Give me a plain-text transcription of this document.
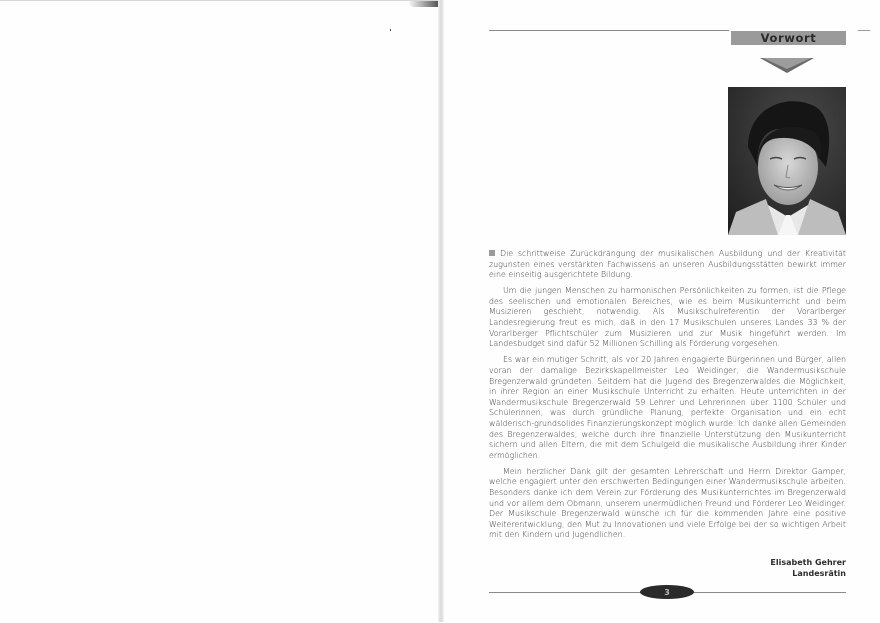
Vorwort

Die schrittweise Zurückdrängung der musikalischen Ausbildung und der Kreativität zugunsten eines verstärkten Fachwissens an unseren Ausbildungsstätten bewirkt immer eine einseitig ausgerichtete Bildung.

Um die jungen Menschen zu harmonischen Persönlichkeiten zu formen, ist die Pflege des seelischen und emotionalen Bereiches, wie es beim Musikunterricht und beim Musizieren geschieht, notwendig. Als Musikschulreferentin der Vorarlberger Landesregierung freut es mich, daß in den 17 Musikschulen unseres Landes 33 % der Vorarlberger Pflichtschüler zum Musizieren und zur Musik hingeführt werden. Im Landesbudget sind dafür 52 Millionen Schilling als Förderung vorgesehen.

Es war ein mutiger Schritt, als vor 20 Jahren engagierte Bürgerinnen und Bürger, allen voran der damalige Bezirkskapellmeister Leo Weidinger, die Wandermusikschule Bregenzerwald gründeten. Seitdem hat die Jugend des Bregenzerwaldes die Möglichkeit, in ihrer Region an einer Musikschule Unterricht zu erhalten. Heute unterrichten in der Wandermusikschule Bregenzerwald 59 Lehrer und Lehrerinnen über 1100 Schüler und Schülerinnen, was durch gründliche Planung, perfekte Organisation und ein echt wälderisch-grundsolides Finanzierungskonzept möglich wurde. Ich danke allen Gemeinden des Bregenzerwaldes, welche durch ihre finanzielle Unterstützung den Musikunterricht sichern und allen Eltern, die mit dem Schulgeld die musikalische Ausbildung ihrer Kinder ermöglichen.

Mein herzlicher Dank gilt der gesamten Lehrerschaft und Herrn Direktor Gamper, welche engagiert unter den erschwerten Bedingungen einer Wandermusikschule arbeiten. Besonders danke ich dem Verein zur Förderung des Musikunterrichtes im Bregenzerwald und vor allem dem Obmann, unserem unermüdlichen Freund und Förderer Leo Weidinger. Der Musikschule Bregenzerwald wünsche ich für die kommenden Jahre eine positive Weiterentwicklung, den Mut zu Innovationen und viele Erfolge bei der so wichtigen Arbeit mit den Kindern und Jugendlichen.

Elisabeth Gehrer
Landesrätin
3
